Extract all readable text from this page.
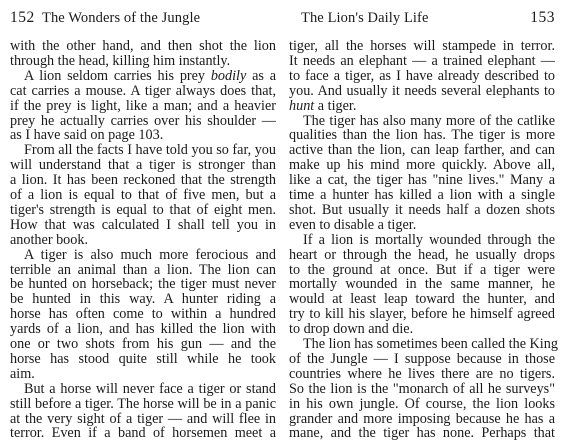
152 The Wonders of the Jungle
with the other hand, and then shot the lion
through the head, killing him instantly.
A lion seldom carries his prey bodily as a
cat carries a mouse. A tiger always does that,
if the prey is light, like a man; and a heavier
prey he actually carries over his shoulder —
as I have said on page 103.
From all the facts I have told you so far, you
will understand that a tiger is stronger than
a lion. It has been reckoned that the strength
of a lion is equal to that of five men, but a
tiger's strength is equal to that of eight men.
How that was calculated I shall tell you in
another book.
A tiger is also much more ferocious and
terrible an animal than a lion. The lion can
be hunted on horseback; the tiger must never
be hunted in this way. A hunter riding a
horse has often come to within a hundred
yards of a lion, and has killed the lion with
one or two shots from his gun — and the
horse has stood quite still while he took
aim.
But a horse will never face a tiger or stand
still before a tiger. The horse will be in a panic
at the very sight of a tiger — and will flee in
terror. Even if a band of horsemen meet a
The Lion's Daily Life	153
tiger, all the horses will stampede in terror.
It needs an elephant — a trained elephant —
to face a tiger, as I have already described to
you. And usually it needs several elephants to
hunt a tiger.
The tiger has also many more of the catlike
qualities than the lion has. The tiger is more
active than the lion, can leap farther, and can
make up his mind more quickly. Above all,
like a cat, the tiger has "nine lives." Many a
time a hunter has killed a lion with a single
shot. But usually it needs half a dozen shots
even to disable a tiger.
If a lion is mortally wounded through the
heart or through the head, he usually drops
to the ground at once. But if a tiger were
mortally wounded in the same manner, he
would at least leap toward the hunter, and
try to kill his slayer, before he himself agreed
to drop down and die.
The lion has sometimes been called the King
of the Jungle — I suppose because in those
countries where he lives there are no tigers.
So the lion is the "monarch of all he surveys"
in his own jungle. Of course, the lion looks
grander and more imposing because he has a
mane, and the tiger has none. Perhaps that
